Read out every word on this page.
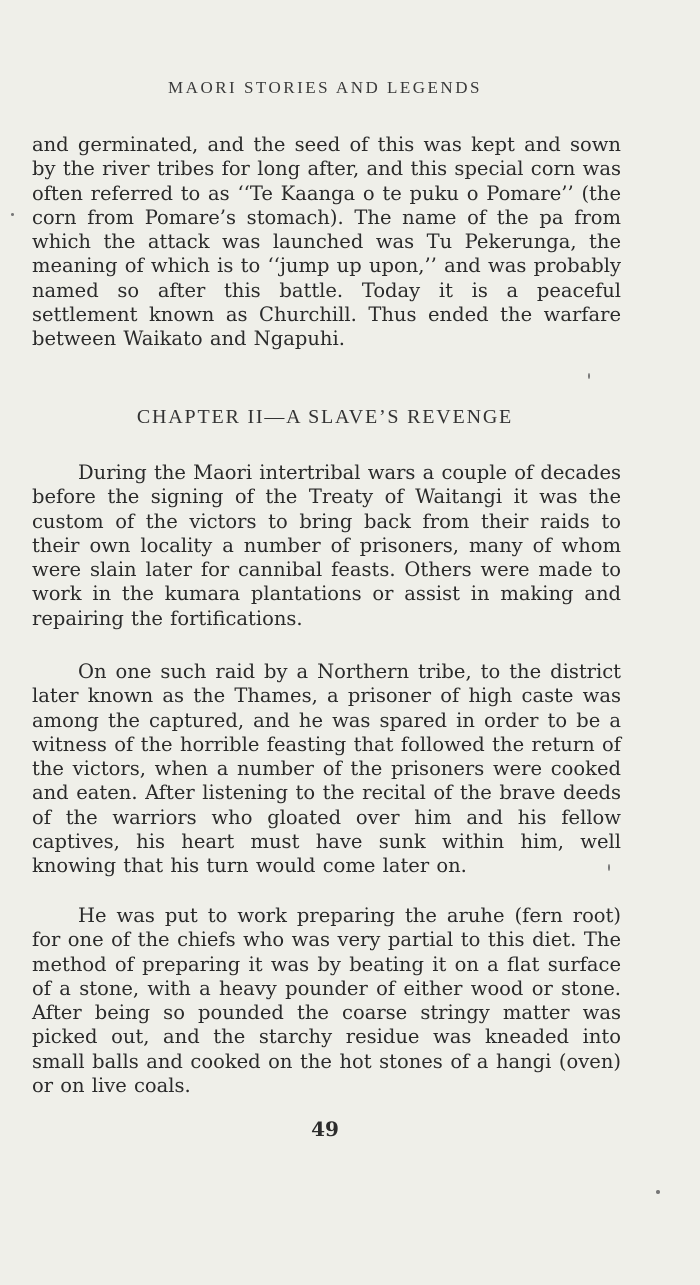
MAORI STORIES AND LEGENDS

and germinated, and the seed of this was kept and sown by the river tribes for long after, and this special corn was often referred to as ‘‘Te Kaanga o te puku o Pomare’’ (the corn from Pomare’s stomach). The name of the pa from which the attack was launched was Tu Pekerunga, the meaning of which is to ‘‘jump up upon,’’ and was probably named so after this battle. Today it is a peaceful settlement known as Churchill. Thus ended the warfare between Waikato and Ngapuhi.

CHAPTER II—A SLAVE’S REVENGE

During the Maori intertribal wars a couple of decades before the signing of the Treaty of Waitangi it was the custom of the victors to bring back from their raids to their own locality a number of prisoners, many of whom were slain later for cannibal feasts. Others were made to work in the kumara plantations or assist in making and repairing the fortifications.

On one such raid by a Northern tribe, to the district later known as the Thames, a prisoner of high caste was among the captured, and he was spared in order to be a witness of the horrible feasting that followed the return of the victors, when a number of the prisoners were cooked and eaten. After listening to the recital of the brave deeds of the warriors who gloated over him and his fellow captives, his heart must have sunk within him, well knowing that his turn would come later on.

He was put to work preparing the aruhe (fern root) for one of the chiefs who was very partial to this diet. The method of preparing it was by beating it on a flat surface of a stone, with a heavy pounder of either wood or stone. After being so pounded the coarse stringy matter was picked out, and the starchy residue was kneaded into small balls and cooked on the hot stones of a hangi (oven) or on live coals.

49
